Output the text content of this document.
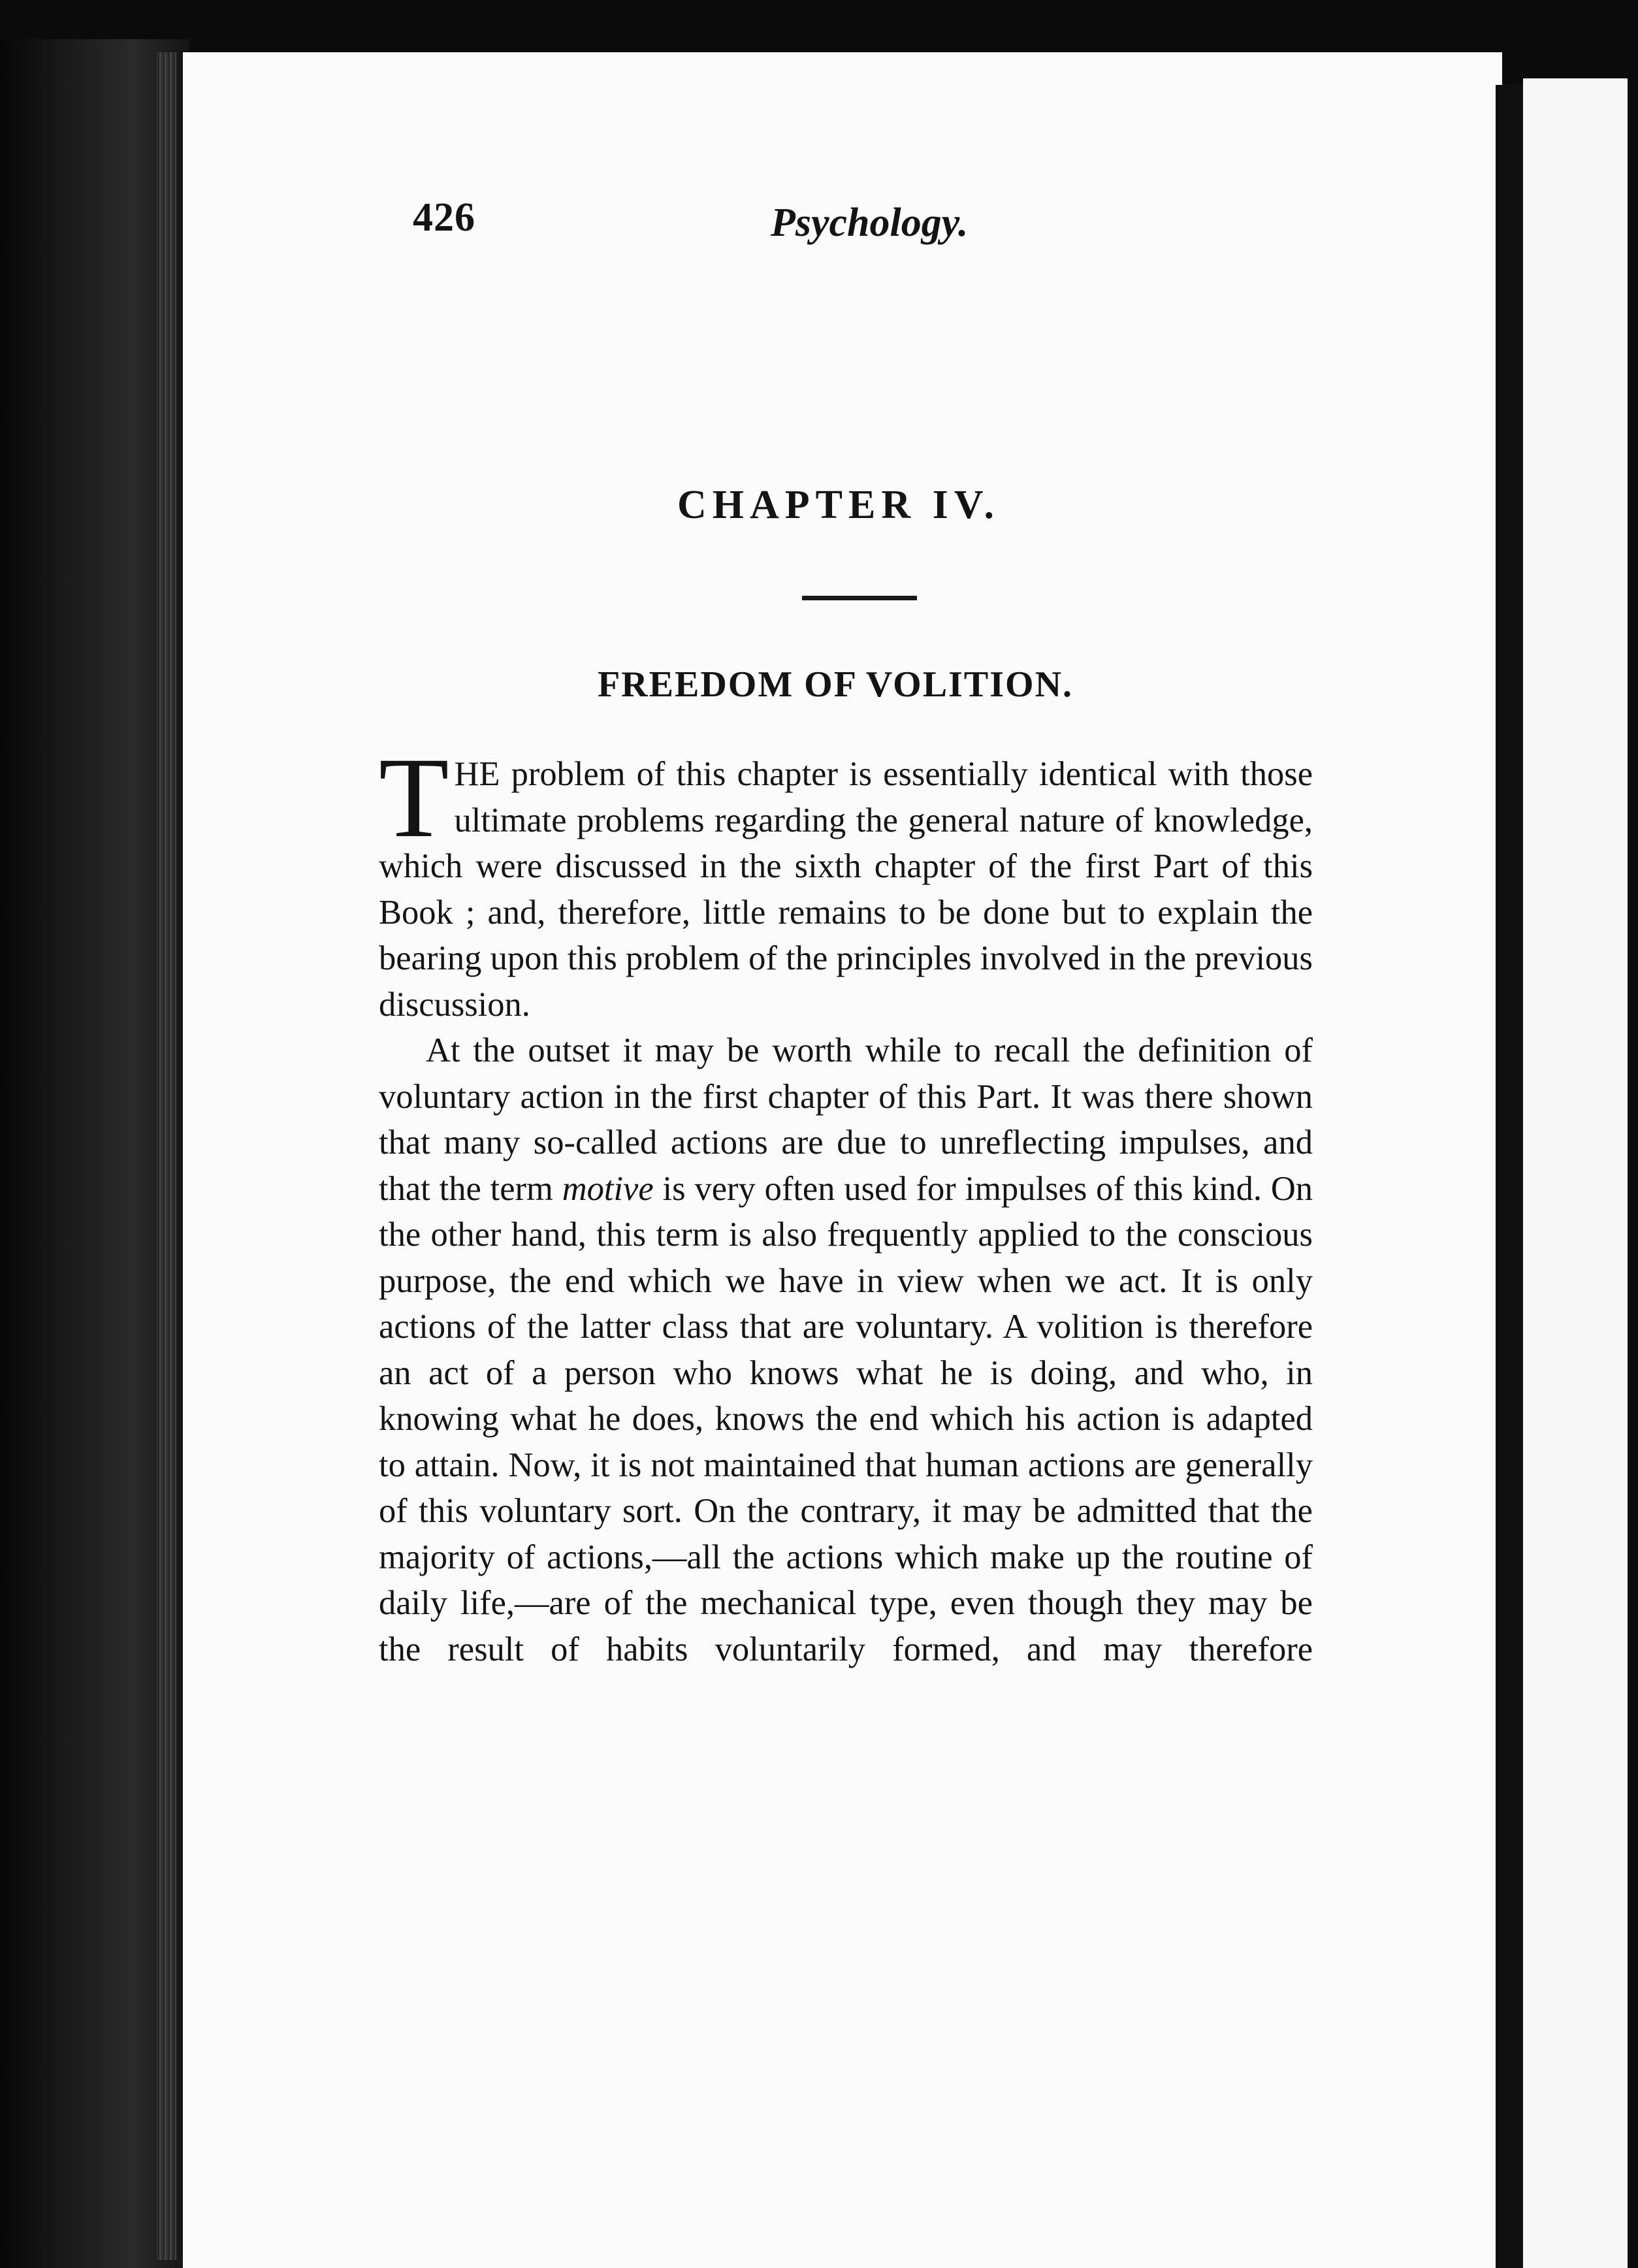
426	Psychology.
CHAPTER IV.
FREEDOM OF VOLITION.

THE problem of this chapter is essentially identical with those ultimate problems regarding the general nature of knowledge, which were discussed in the sixth chapter of the first Part of this Book ; and, therefore, little remains to be done but to explain the bearing upon this problem of the principles involved in the previous discussion.

At the outset it may be worth while to recall the definition of voluntary action in the first chapter of this Part. It was there shown that many so-called actions are due to unreflecting impulses, and that the term motive is very often used for impulses of this kind. On the other hand, this term is also frequently applied to the conscious purpose, the end which we have in view when we act. It is only actions of the latter class that are voluntary. A volition is therefore an act of a person who knows what he is doing, and who, in knowing what he does, knows the end which his action is adapted to attain. Now, it is not maintained that human actions are generally of this voluntary sort. On the contrary, it may be admitted that the majority of actions,—all the actions which make up the routine of daily life,—are of the mechanical type, even though they may be the result of habits voluntarily formed, and may therefore
